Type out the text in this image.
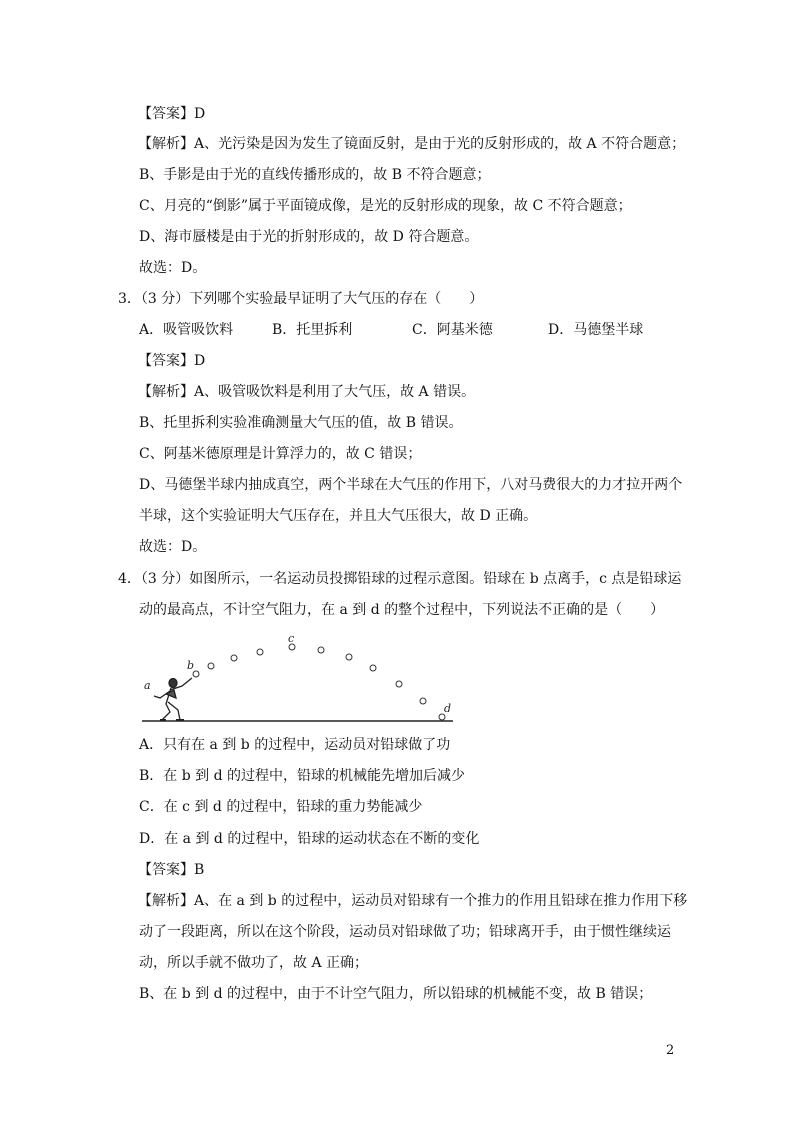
【答案】D
【解析】A、光污染是因为发生了镜面反射，是由于光的反射形成的，故 A 不符合题意；
B、手影是由于光的直线传播形成的，故 B 不符合题意；
C、月亮的“倒影”属于平面镜成像，是光的反射形成的现象，故 C 不符合题意；
D、海市蜃楼是由于光的折射形成的，故 D 符合题意。
故选：D。
3．（3 分）下列哪个实验最早证明了大气压的存在（　　）
A．吸管吸饮料	B．托里拆利	C．阿基米德	D．马德堡半球
【答案】D
【解析】A、吸管吸饮料是利用了大气压，故 A 错误。
B、托里拆利实验准确测量大气压的值，故 B 错误。
C、阿基米德原理是计算浮力的，故 C 错误；
D、马德堡半球内抽成真空，两个半球在大气压的作用下，八对马费很大的力才拉开两个
半球，这个实验证明大气压存在，并且大气压很大，故 D 正确。
故选：D。
4．（3 分）如图所示，一名运动员投掷铅球的过程示意图。铅球在 b 点离手，c 点是铅球运
动的最高点，不计空气阻力，在 a 到 d 的整个过程中，下列说法不正确的是（　　）
a
b
c
d
A．只有在 a 到 b 的过程中，运动员对铅球做了功
B．在 b 到 d 的过程中，铅球的机械能先增加后减少
C．在 c 到 d 的过程中，铅球的重力势能减少
D．在 a 到 d 的过程中，铅球的运动状态在不断的变化
【答案】B
【解析】A、在 a 到 b 的过程中，运动员对铅球有一个推力的作用且铅球在推力作用下移
动了一段距离，所以在这个阶段，运动员对铅球做了功；铅球离开手，由于惯性继续运
动，所以手就不做功了，故 A 正确；
B、在 b 到 d 的过程中，由于不计空气阻力，所以铅球的机械能不变，故 B 错误；
2
